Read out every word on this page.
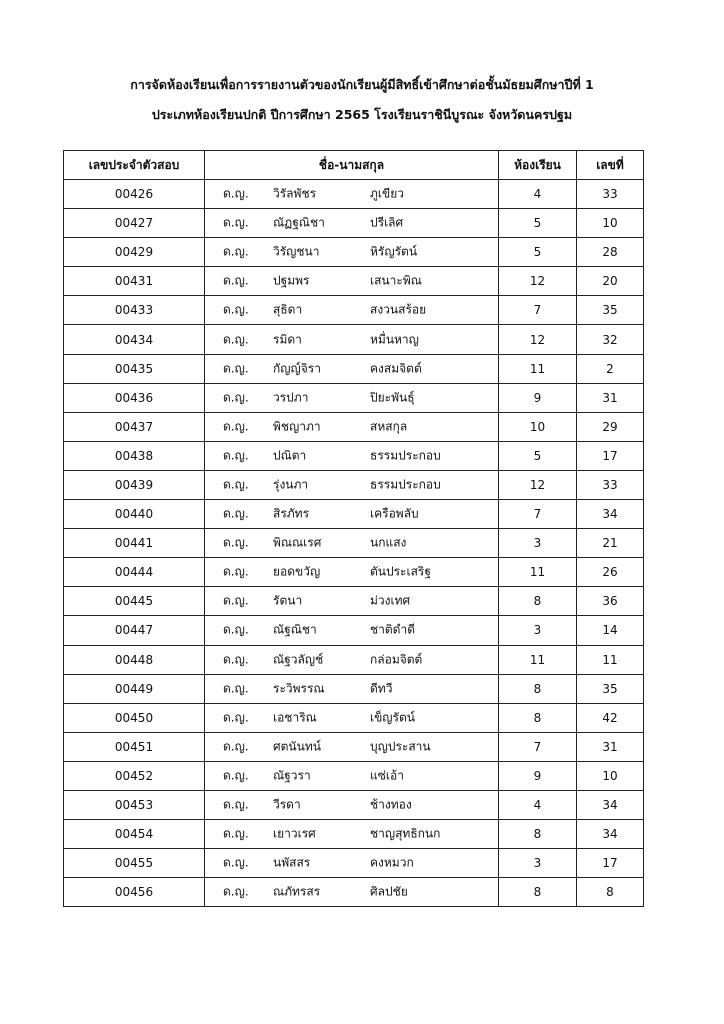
การจัดห้องเรียนเพื่อการรายงานตัวของนักเรียนผู้มีสิทธิ์เข้าศึกษาต่อชั้นมัธยมศึกษาปีที่ 1
ประเภทห้องเรียนปกติ ปีการศึกษา 2565 โรงเรียนราชินีบูรณะ จังหวัดนครปฐม
เลขประจำตัวสอบ	ชื่อ-นามสกุล	ห้องเรียน	เลขที่
00426	ด.ญ. วิรัลพัชร ภูเขียว	4	33
00427	ด.ญ. ณัฏฐณิชา ปรีเลิศ	5	10
00429	ด.ญ. วิรัญชนา หิรัญรัตน์	5	28
00431	ด.ญ. ปฐมพร เสนาะพิณ	12	20
00433	ด.ญ. สุธิดา สงวนสร้อย	7	35
00434	ด.ญ. รมิดา หมื่นหาญ	12	32
00435	ด.ญ. กัญญ์จิรา คงสมจิตต์	11	2
00436	ด.ญ. วรปภา ปิยะพันธุ์	9	31
00437	ด.ญ. พิชญาภา สหสกุล	10	29
00438	ด.ญ. ปณิตา ธรรมประกอบ	5	17
00439	ด.ญ. รุ่งนภา ธรรมประกอบ	12	33
00440	ด.ญ. สิรภัทร เครือพลับ	7	34
00441	ด.ญ. พิณณเรศ นกแสง	3	21
00444	ด.ญ. ยอดขวัญ ตันประเสริฐ	11	26
00445	ด.ญ. รัตนา ม่วงเทศ	8	36
00447	ด.ญ. ณัฐณิชา ชาติดำดี	3	14
00448	ด.ญ. ณัฐวลัญช์ กล่อมจิตต์	11	11
00449	ด.ญ. ระวิพรรณ ดีทวี	8	35
00450	ด.ญ. เอชาริณ เข็ญรัตน์	8	42
00451	ด.ญ. ศตนันทน์ บุญประสาน	7	31
00452	ด.ญ. ณัฐวรา แซ่เอ้า	9	10
00453	ด.ญ. วีรดา ช้างทอง	4	34
00454	ด.ญ. เยาวเรศ ชาญสุทธิกนก	8	34
00455	ด.ญ. นพัสสร คงหมวก	3	17
00456	ด.ญ. ณภัทรสร ศิลปชัย	8	8
